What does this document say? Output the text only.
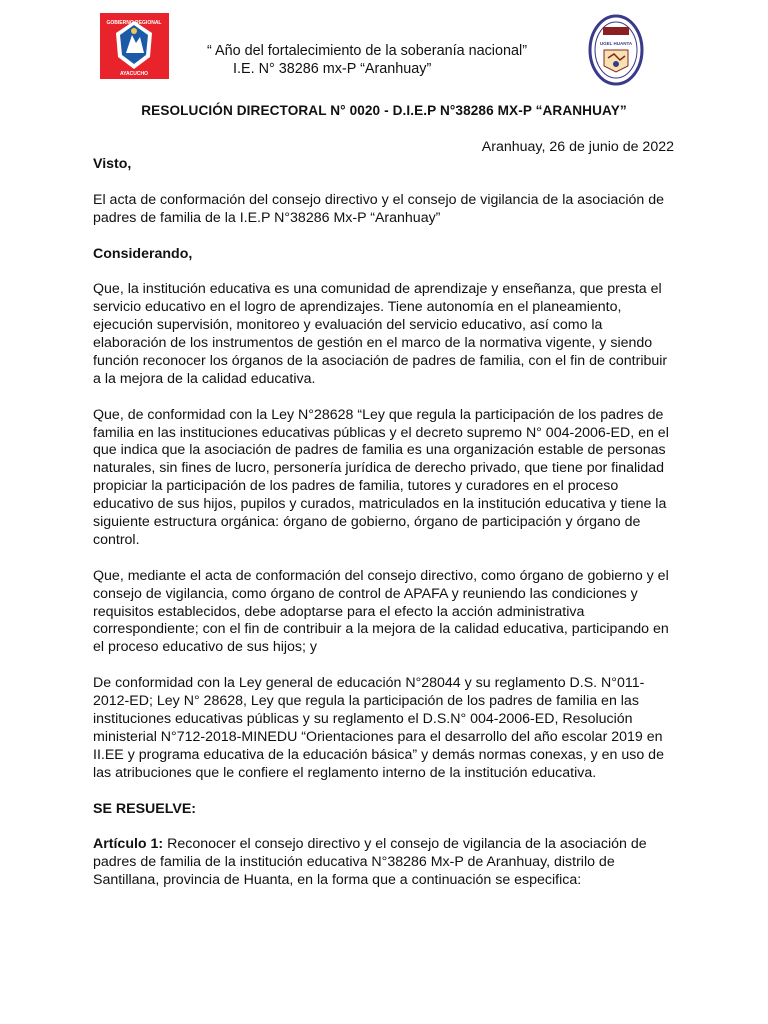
GOBIERNO REGIONAL
AYACUCHO
“ Año del fortalecimiento de la soberanía nacional”
I.E. N° 38286 mx-P “Aranhuay”
UGEL HUANTA
RESOLUCIÓN DIRECTORAL N° 0020 - D.I.E.P N°38286 MX-P “ARANHUAY”
Aranhuay, 26 de junio de 2022

Visto,

El acta de conformación del consejo directivo y el consejo de vigilancia de la asociación de padres de familia de la I.E.P N°38286 Mx-P “Aranhuay”

Considerando,

Que, la institución educativa es una comunidad de aprendizaje y enseñanza, que presta el servicio educativo en el logro de aprendizajes. Tiene autonomía en el planeamiento, ejecución supervisión, monitoreo y evaluación del servicio educativo, así como la elaboración de los instrumentos de gestión en el marco de la normativa vigente, y siendo función reconocer los órganos de la asociación de padres de familia, con el fin de contribuir a la mejora de la calidad educativa.

Que, de conformidad con la Ley N°28628 “Ley que regula la participación de los padres de familia en las instituciones educativas públicas y el decreto supremo N° 004-2006-ED, en el que indica que la asociación de padres de familia es una organización estable de personas naturales, sin fines de lucro, personería jurídica de derecho privado, que tiene por finalidad propiciar la participación de los padres de familia, tutores y curadores en el proceso educativo de sus hijos, pupilos y curados, matriculados en la institución educativa y tiene la siguiente estructura orgánica: órgano de gobierno, órgano de participación y órgano de control.

Que, mediante el acta de conformación del consejo directivo, como órgano de gobierno y el consejo de vigilancia, como órgano de control de APAFA y reuniendo las condiciones y requisitos establecidos, debe adoptarse para el efecto la acción administrativa correspondiente; con el fin de contribuir a la mejora de la calidad educativa, participando en el proceso educativo de sus hijos; y

De conformidad con la Ley general de educación N°28044 y su reglamento D.S. N°011-2012-ED; Ley N° 28628, Ley que regula la participación de los padres de familia en las instituciones educativas públicas y su reglamento el D.S.N° 004-2006-ED, Resolución ministerial N°712-2018-MINEDU “Orientaciones para el desarrollo del año escolar 2019 en II.EE y programa educativa de la educación básica” y demás normas conexas, y en uso de las atribuciones que le confiere el reglamento interno de la institución educativa.

SE RESUELVE:

Artículo 1: Reconocer el consejo directivo y el consejo de vigilancia de la asociación de padres de familia de la institución educativa N°38286 Mx-P de Aranhuay, distrilo de Santillana, provincia de Huanta, en la forma que a continuación se especifica:
